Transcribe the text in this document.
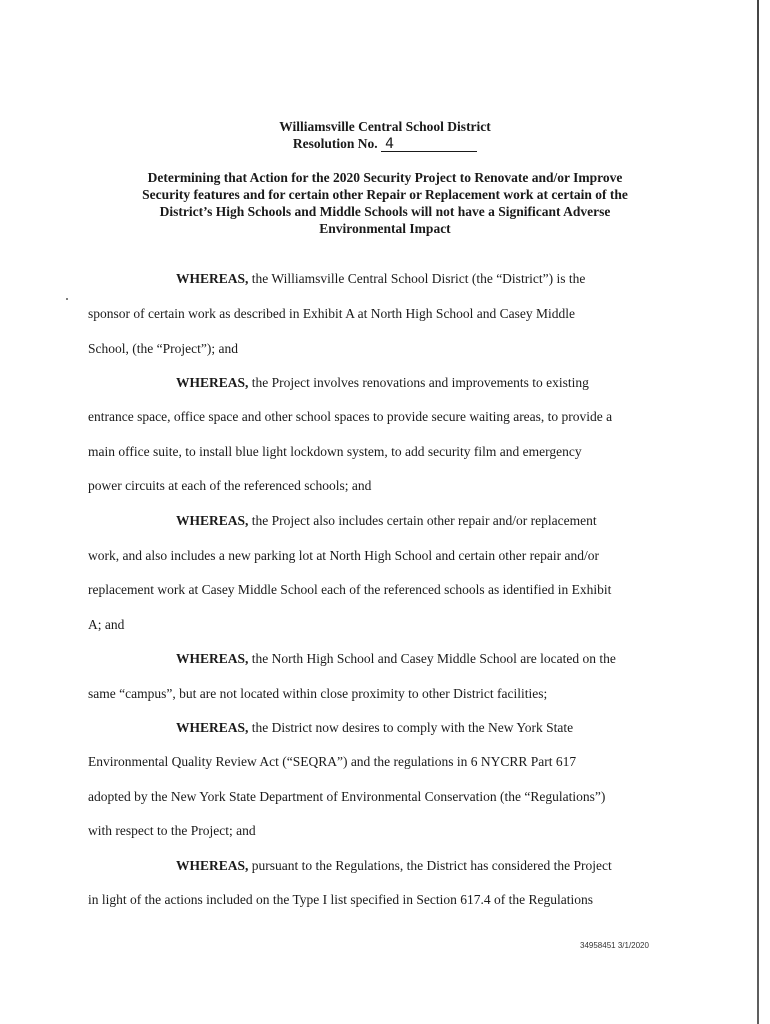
Williamsville Central School District
Resolution No. 4
Determining that Action for the 2020 Security Project to Renovate and/or Improve
Security features and for certain other Repair or Replacement work at certain of the
District’s High Schools and Middle Schools will not have a Significant Adverse
Environmental Impact
WHEREAS, the Williamsville Central School Disrict (the “District”) is the
sponsor of certain work as described in Exhibit A at North High School and Casey Middle
School, (the “Project”); and
WHEREAS, the Project involves renovations and improvements to existing
entrance space, office space and other school spaces to provide secure waiting areas, to provide a
main office suite, to install blue light lockdown system, to add security film and emergency
power circuits at each of the referenced schools; and
WHEREAS, the Project also includes certain other repair and/or replacement
work, and also includes a new parking lot at North High School and certain other repair and/or
replacement work at Casey Middle School each of the referenced schools as identified in Exhibit
A; and
WHEREAS, the North High School and Casey Middle School are located on the
same “campus”, but are not located within close proximity to other District facilities;
WHEREAS, the District now desires to comply with the New York State
Environmental Quality Review Act (“SEQRA”) and the regulations in 6 NYCRR Part 617
adopted by the New York State Department of Environmental Conservation (the “Regulations”)
with respect to the Project; and
WHEREAS, pursuant to the Regulations, the District has considered the Project
in light of the actions included on the Type I list specified in Section 617.4 of the Regulations
34958451 3/1/2020
